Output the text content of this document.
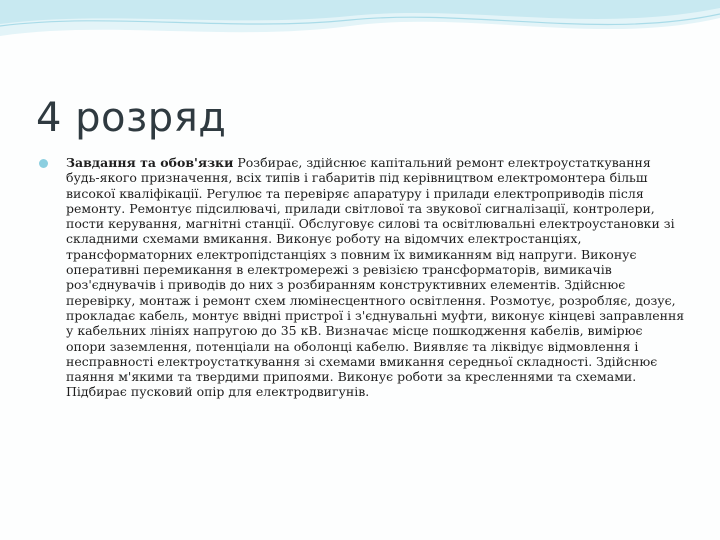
4 розряд

Завдання та обов'язки Розбирає, здійснює капітальний ремонт електроустаткування будь-якого призначення, всіх типів і габаритів під керівництвом електромонтера більш високої кваліфікації. Регулює та перевіряє апаратуру і прилади електроприводів після ремонту. Ремонтує підсилювачі, прилади світлової та звукової сигналізації, контролери, пости керування, магнітні станції. Обслуговує силові та освітлювальні електроустановки зі складними схемами вмикання. Виконує роботу на відомчих електростанціях, трансформаторних електропідстанціях з повним їх вимиканням від напруги. Виконує оперативні перемикання в електромережі з ревізією трансформаторів, вимикачів роз'єднувачів і приводів до них з розбиранням конструктивних елементів. Здійснює перевірку, монтаж і ремонт схем люмінесцентного освітлення. Розмотує, розробляє, дозує, прокладає кабель, монтує ввідні пристрої і з'єднувальні муфти, виконує кінцеві заправлення у кабельних лініях напругою до 35 кВ. Визначає місце пошкодження кабелів, вимірює опори заземлення, потенціали на оболонці кабелю. Виявляє та ліквідує відмовлення і несправності електроустаткування зі схемами вмикання середньої складності. Здійснює паяння м'якими та твердими припоями. Виконує роботи за кресленнями та схемами. Підбирає пусковий опір для електродвигунів.
